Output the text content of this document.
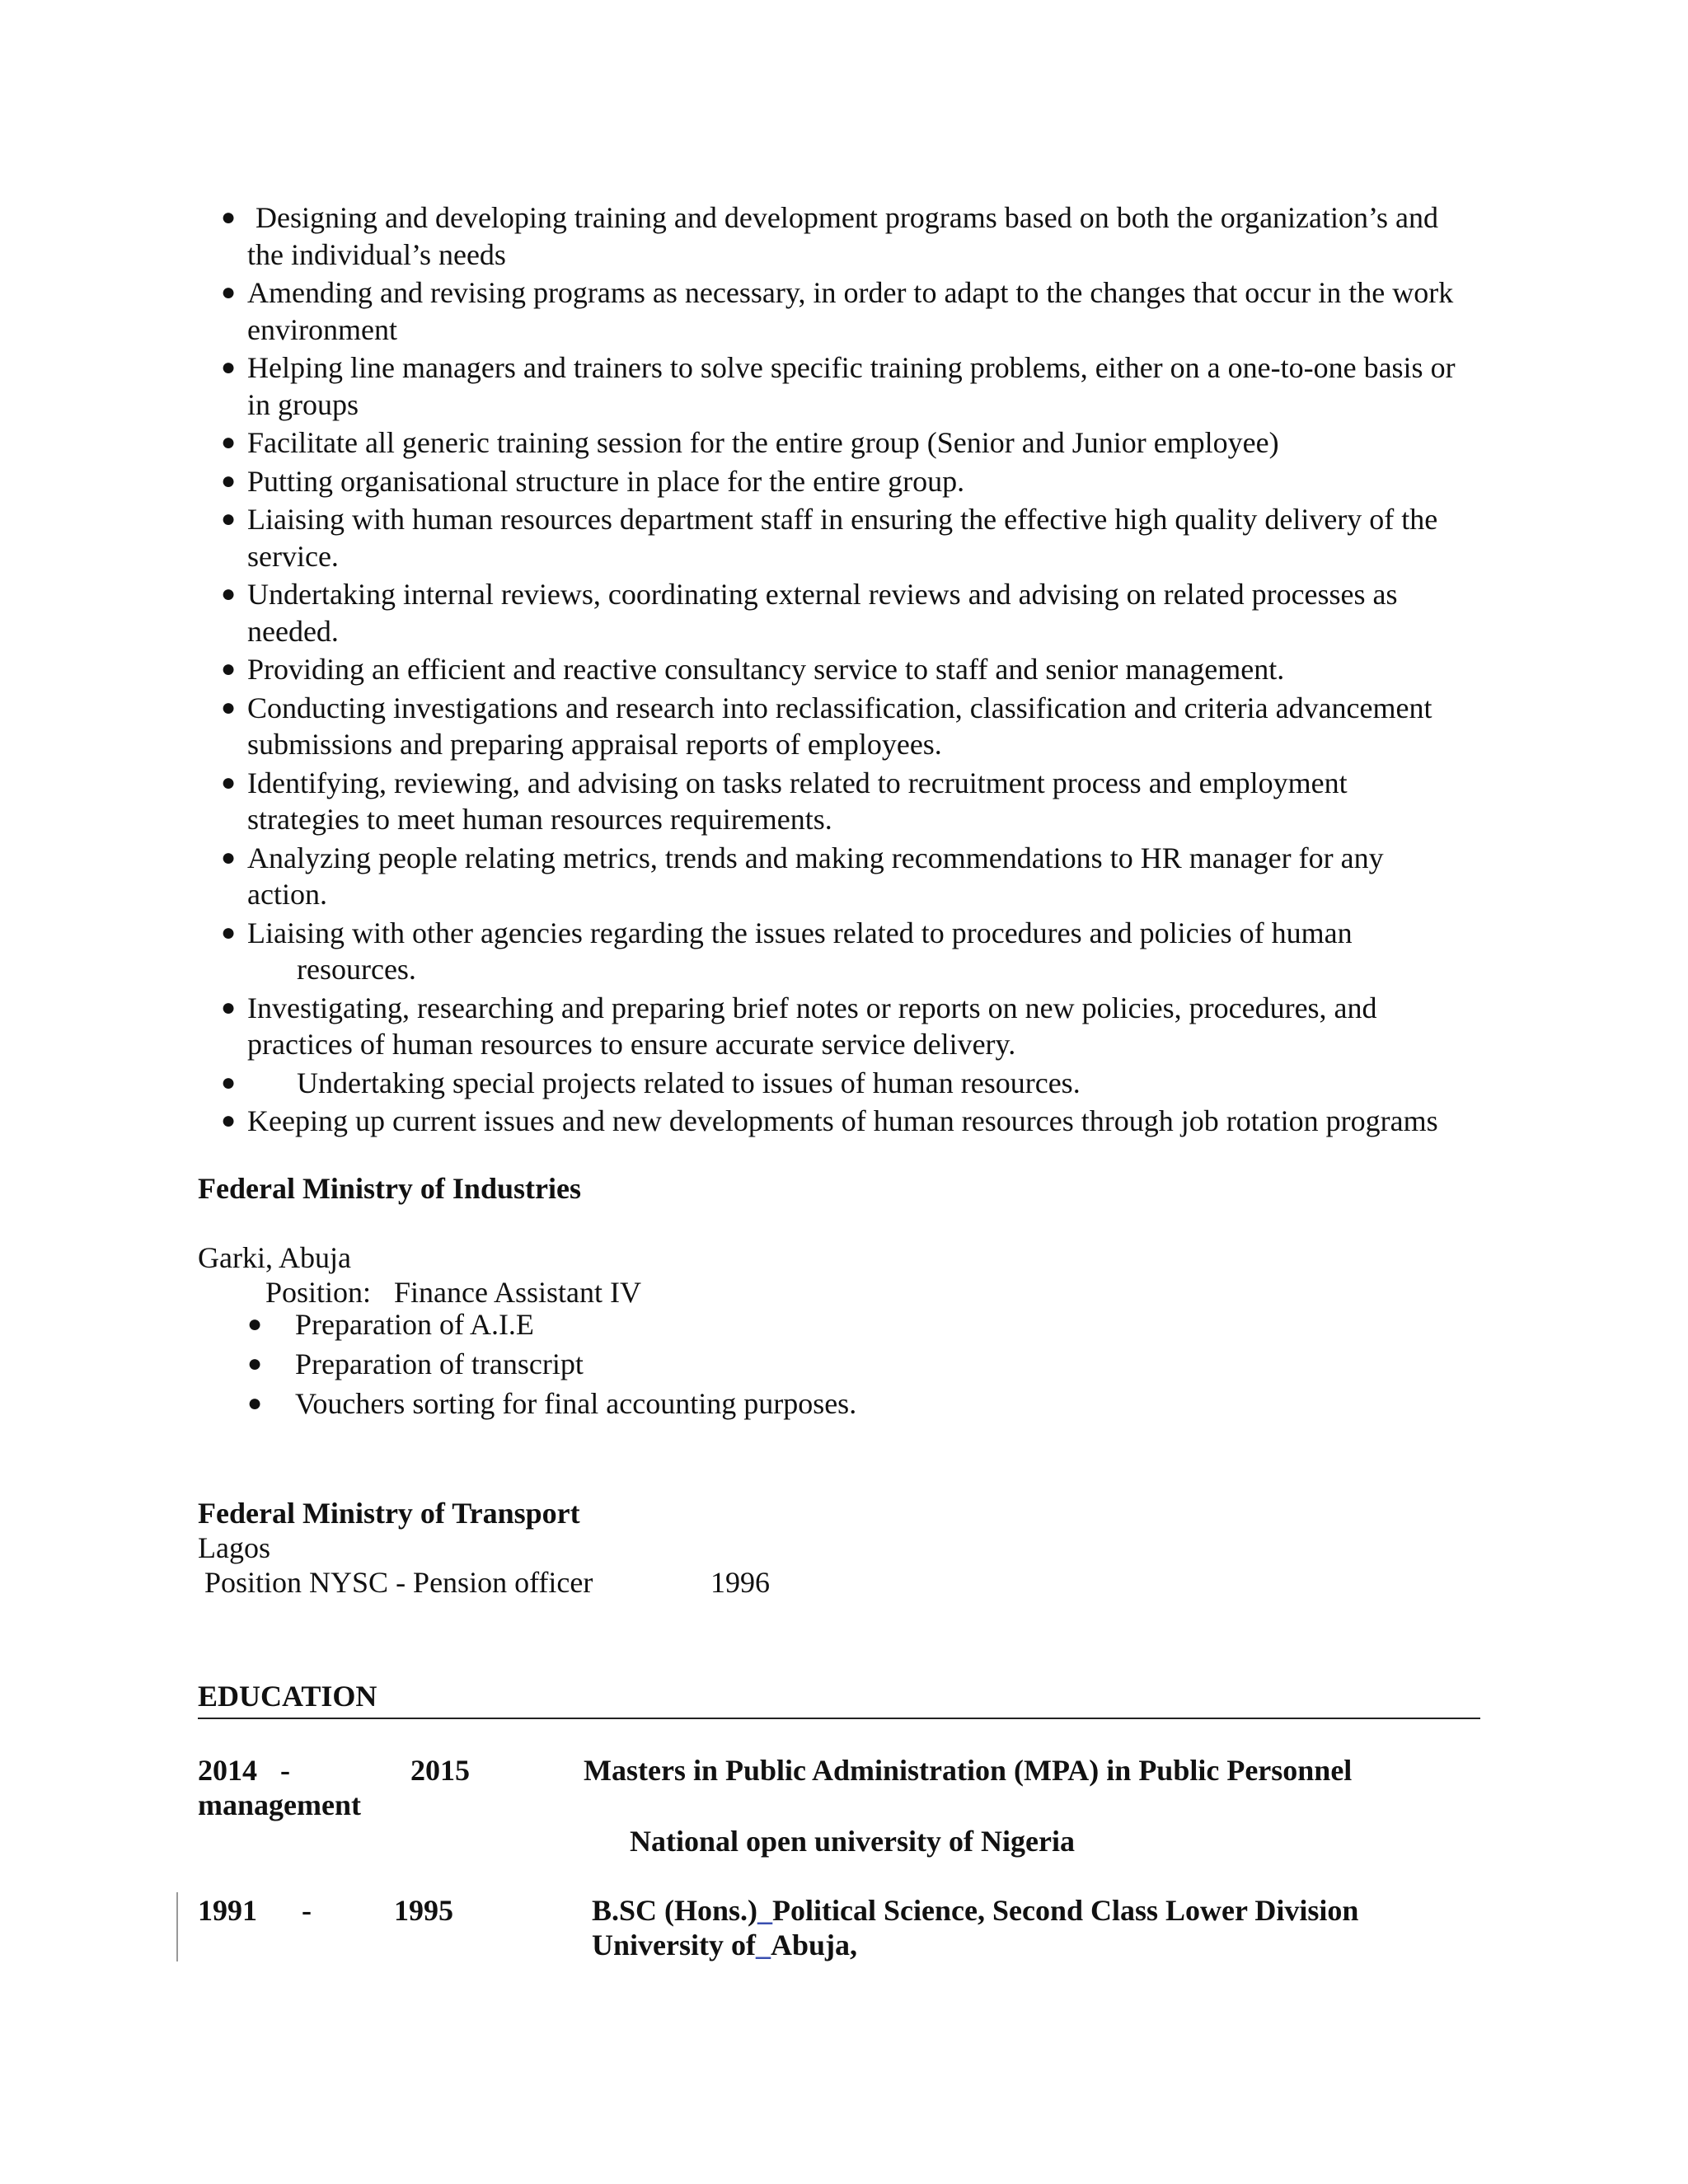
● Designing and developing training and development programs based on both the organization’s and
the individual’s needs
● Amending and revising programs as necessary, in order to adapt to the changes that occur in the work
environment
● Helping line managers and trainers to solve specific training problems, either on a one-to-one basis or
in groups
● Facilitate all generic training session for the entire group (Senior and Junior employee)
● Putting organisational structure in place for the entire group.
● Liaising with human resources department staff in ensuring the effective high quality delivery of the
service.
● Undertaking internal reviews, coordinating external reviews and advising on related processes as
needed.
● Providing an efficient and reactive consultancy service to staff and senior management.
● Conducting investigations and research into reclassification, classification and criteria advancement
submissions and preparing appraisal reports of employees.
● Identifying, reviewing, and advising on tasks related to recruitment process and employment
strategies to meet human resources requirements.
● Analyzing people relating metrics, trends and making recommendations to HR manager for any
action.
● Liaising with other agencies regarding the issues related to procedures and policies of human
resources.
● Investigating, researching and preparing brief notes or reports on new policies, procedures, and
practices of human resources to ensure accurate service delivery.
● Undertaking special projects related to issues of human resources.
● Keeping up current issues and new developments of human resources through job rotation programs
Federal Ministry of Industries
Garki, Abuja
Position: Finance Assistant IV
● Preparation of A.I.E
● Preparation of transcript
● Vouchers sorting for final accounting purposes.
Federal Ministry of Transport
Lagos
Position NYSC - Pension officer	1996
EDUCATION
2014 -	2015	Masters in Public Administration (MPA) in Public Personnel
management
National open university of Nigeria
1991 -	1995	B.SC (Hons.)_Political Science, Second Class Lower Division
University of_Abuja,
